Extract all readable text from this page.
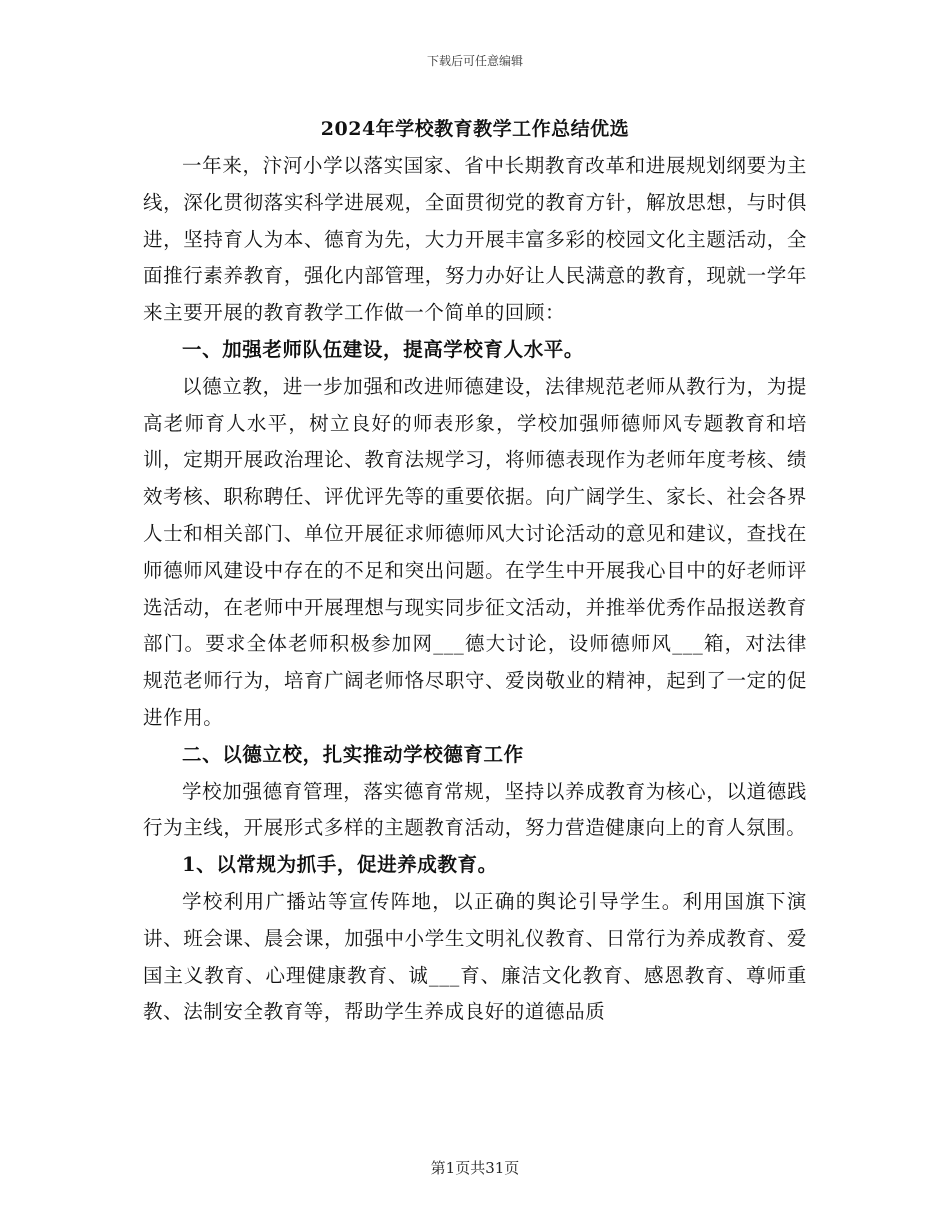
下载后可任意编辑
2024年学校教育教学工作总结优选

一年来，汴河小学以落实国家、省中长期教育改革和进展规划纲要为主线，深化贯彻落实科学进展观，全面贯彻党的教育方针，解放思想，与时俱进，坚持育人为本、德育为先，大力开展丰富多彩的校园文化主题活动，全面推行素养教育，强化内部管理，努力办好让人民满意的教育，现就一学年来主要开展的教育教学工作做一个简单的回顾：

一、加强老师队伍建设，提高学校育人水平。

以德立教，进一步加强和改进师德建设，法律规范老师从教行为，为提高老师育人水平，树立良好的师表形象，学校加强师德师风专题教育和培训，定期开展政治理论、教育法规学习，将师德表现作为老师年度考核、绩效考核、职称聘任、评优评先等的重要依据。向广阔学生、家长、社会各界人士和相关部门、单位开展征求师德师风大讨论活动的意见和建议，查找在师德师风建设中存在的不足和突出问题。在学生中开展我心目中的好老师评选活动，在老师中开展理想与现实同步征文活动，并推举优秀作品报送教育部门。要求全体老师积极参加网___德大讨论，设师德师风___箱，对法律规范老师行为，培育广阔老师恪尽职守、爱岗敬业的精神，起到了一定的促进作用。

二、以德立校，扎实推动学校德育工作

学校加强德育管理，落实德育常规，坚持以养成教育为核心，以道德践行为主线，开展形式多样的主题教育活动，努力营造健康向上的育人氛围。

1、以常规为抓手，促进养成教育。

学校利用广播站等宣传阵地，以正确的舆论引导学生。利用国旗下演讲、班会课、晨会课，加强中小学生文明礼仪教育、日常行为养成教育、爱国主义教育、心理健康教育、诚___育、廉洁文化教育、感恩教育、尊师重教、法制安全教育等，帮助学生养成良好的道德品质

第1页共31页
